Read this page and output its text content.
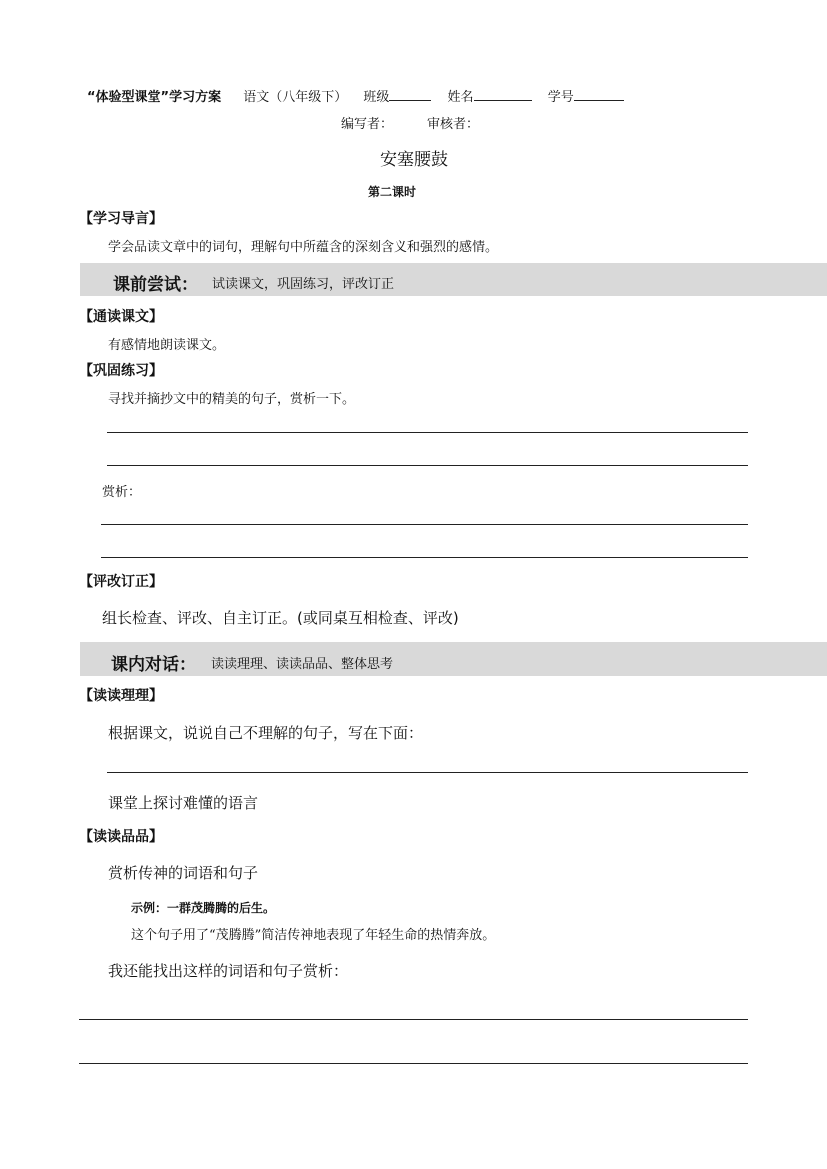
“体验型课堂”学习方案 语文（八年级下） 班级	姓名	学号
编写者：	审核者：
安塞腰鼓
第二课时
【学习导言】
学会品读文章中的词句，理解句中所蕴含的深刻含义和强烈的感情。
课前尝试： 试读课文，巩固练习，评改订正
【通读课文】
有感情地朗读课文。
【巩固练习】
寻找并摘抄文中的精美的句子，赏析一下。
赏析：
【评改订正】
组长检查、评改、自主订正。(或同桌互相检查、评改)
课内对话： 读读理理、读读品品、整体思考
【读读理理】
根据课文，说说自己不理解的句子，写在下面：
课堂上探讨难懂的语言
【读读品品】
赏析传神的词语和句子
示例：一群茂腾腾的后生。
这个句子用了“茂腾腾”简洁传神地表现了年轻生命的热情奔放。
我还能找出这样的词语和句子赏析：
